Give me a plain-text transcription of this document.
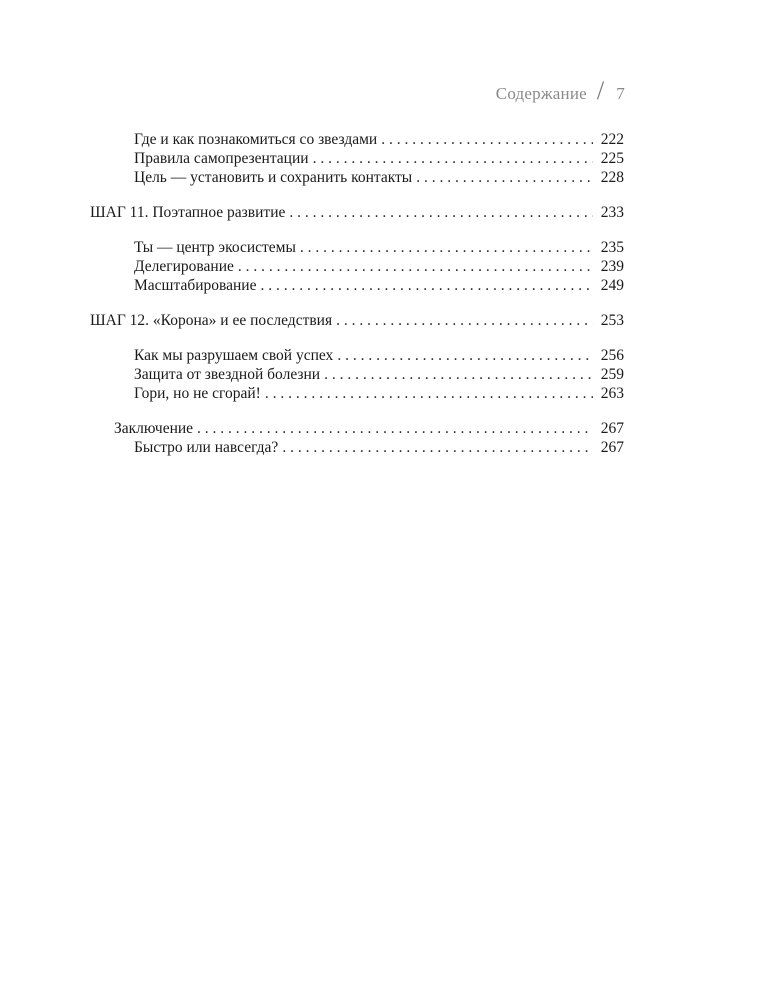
Содержание / 7
Где и как познакомиться со звездами . . .	222
Правила самопрезентации . . .	225
Цель — установить и сохранить контакты . . .	228
ШАГ 11. Поэтапное развитие . . .	233
Ты — центр экосистемы . . .	235
Делегирование . . .	239
Масштабирование . . .	249
ШАГ 12. «Корона» и ее последствия . . .	253
Как мы разрушаем свой успех . . .	256
Защита от звездной болезни . . .	259
Гори, но не сгорай! . . .	263
Заключение . . .	267
Быстро или навсегда? . . .	267
